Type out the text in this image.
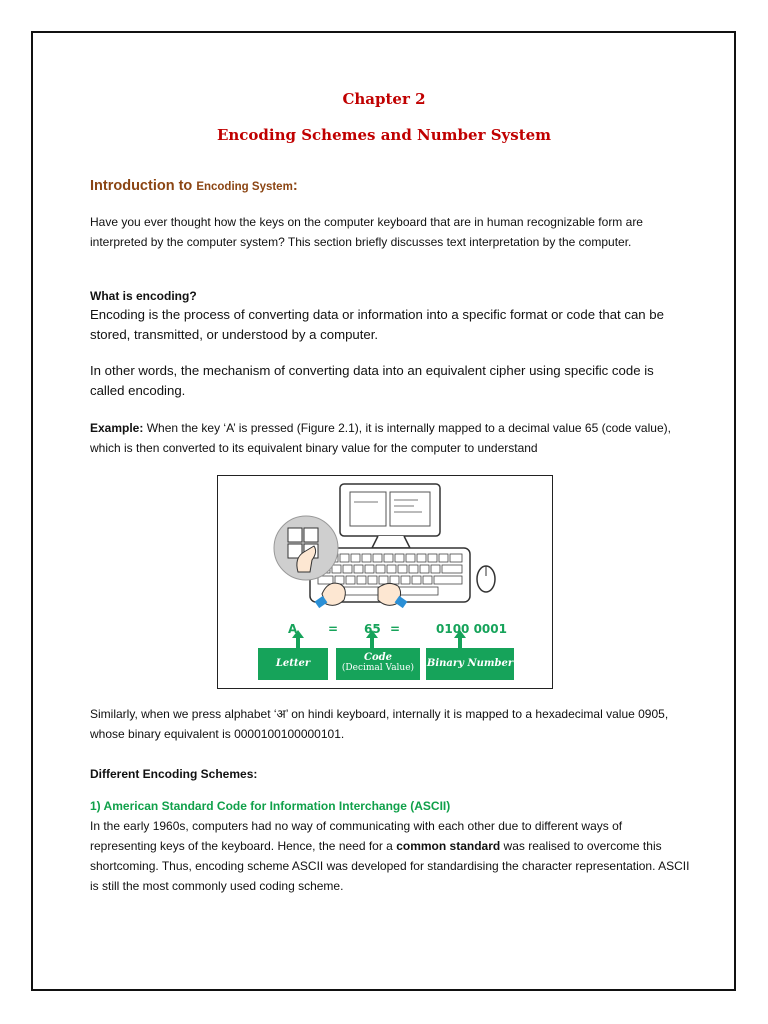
Chapter 2
Encoding Schemes and Number System
Introduction to Encoding System:

Have you ever thought how the keys on the computer keyboard that are in human recognizable form are interpreted by the computer system? This section briefly discusses text interpretation by the computer.

What is encoding?

Encoding is the process of converting data or information into a specific format or code that can be stored, transmitted, or understood by a computer.

In other words, the mechanism of converting data into an equivalent cipher using specific code is called encoding.

Example: When the key ‘A’ is pressed (Figure 2.1), it is internally mapped to a decimal value 65 (code value), which is then converted to its equivalent binary value for the computer to understand

A	= 65 =	0100 0001
Letter
Code
(Decimal Value)	Binary Number

Similarly, when we press alphabet ‘अ’ on hindi keyboard, internally it is mapped to a hexadecimal value 0905, whose binary equivalent is 0000100100000101.

Different Encoding Schemes:

1) American Standard Code for Information Interchange (ASCII)

In the early 1960s, computers had no way of communicating with each other due to different ways of representing keys of the keyboard. Hence, the need for a common standard was realised to overcome this shortcoming. Thus, encoding scheme ASCII was developed for standardising the character representation. ASCII is still the most commonly used coding scheme.
